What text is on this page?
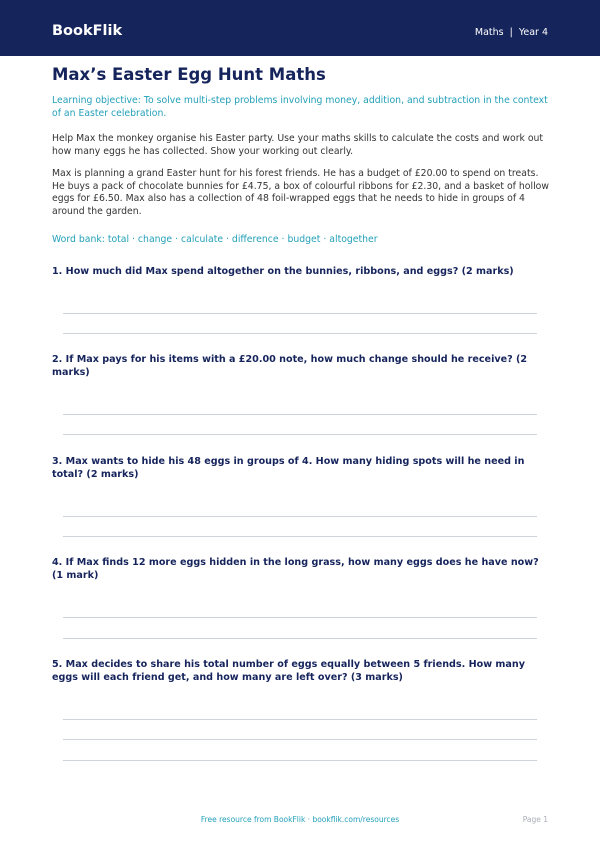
BookFlik	Maths | Year 4
Max’s Easter Egg Hunt Maths

Learning objective: To solve multi-step problems involving money, addition, and subtraction in the context of an Easter celebration.

Help Max the monkey organise his Easter party. Use your maths skills to calculate the costs and work out how many eggs he has collected. Show your working out clearly.

Max is planning a grand Easter hunt for his forest friends. He has a budget of £20.00 to spend on treats. He buys a pack of chocolate bunnies for £4.75, a box of colourful ribbons for £2.30, and a basket of hollow eggs for £6.50. Max also has a collection of 48 foil-wrapped eggs that he needs to hide in groups of 4 around the garden.

Word bank: total · change · calculate · difference · budget · altogether

1. How much did Max spend altogether on the bunnies, ribbons, and eggs? (2 marks)

2. If Max pays for his items with a £20.00 note, how much change should he receive? (2 marks)

3. Max wants to hide his 48 eggs in groups of 4. How many hiding spots will he need in total? (2 marks)

4. If Max finds 12 more eggs hidden in the long grass, how many eggs does he have now? (1 mark)

5. Max decides to share his total number of eggs equally between 5 friends. How many eggs will each friend get, and how many are left over? (3 marks)

Free resource from BookFlik · bookflik.com/resources	Page 1
